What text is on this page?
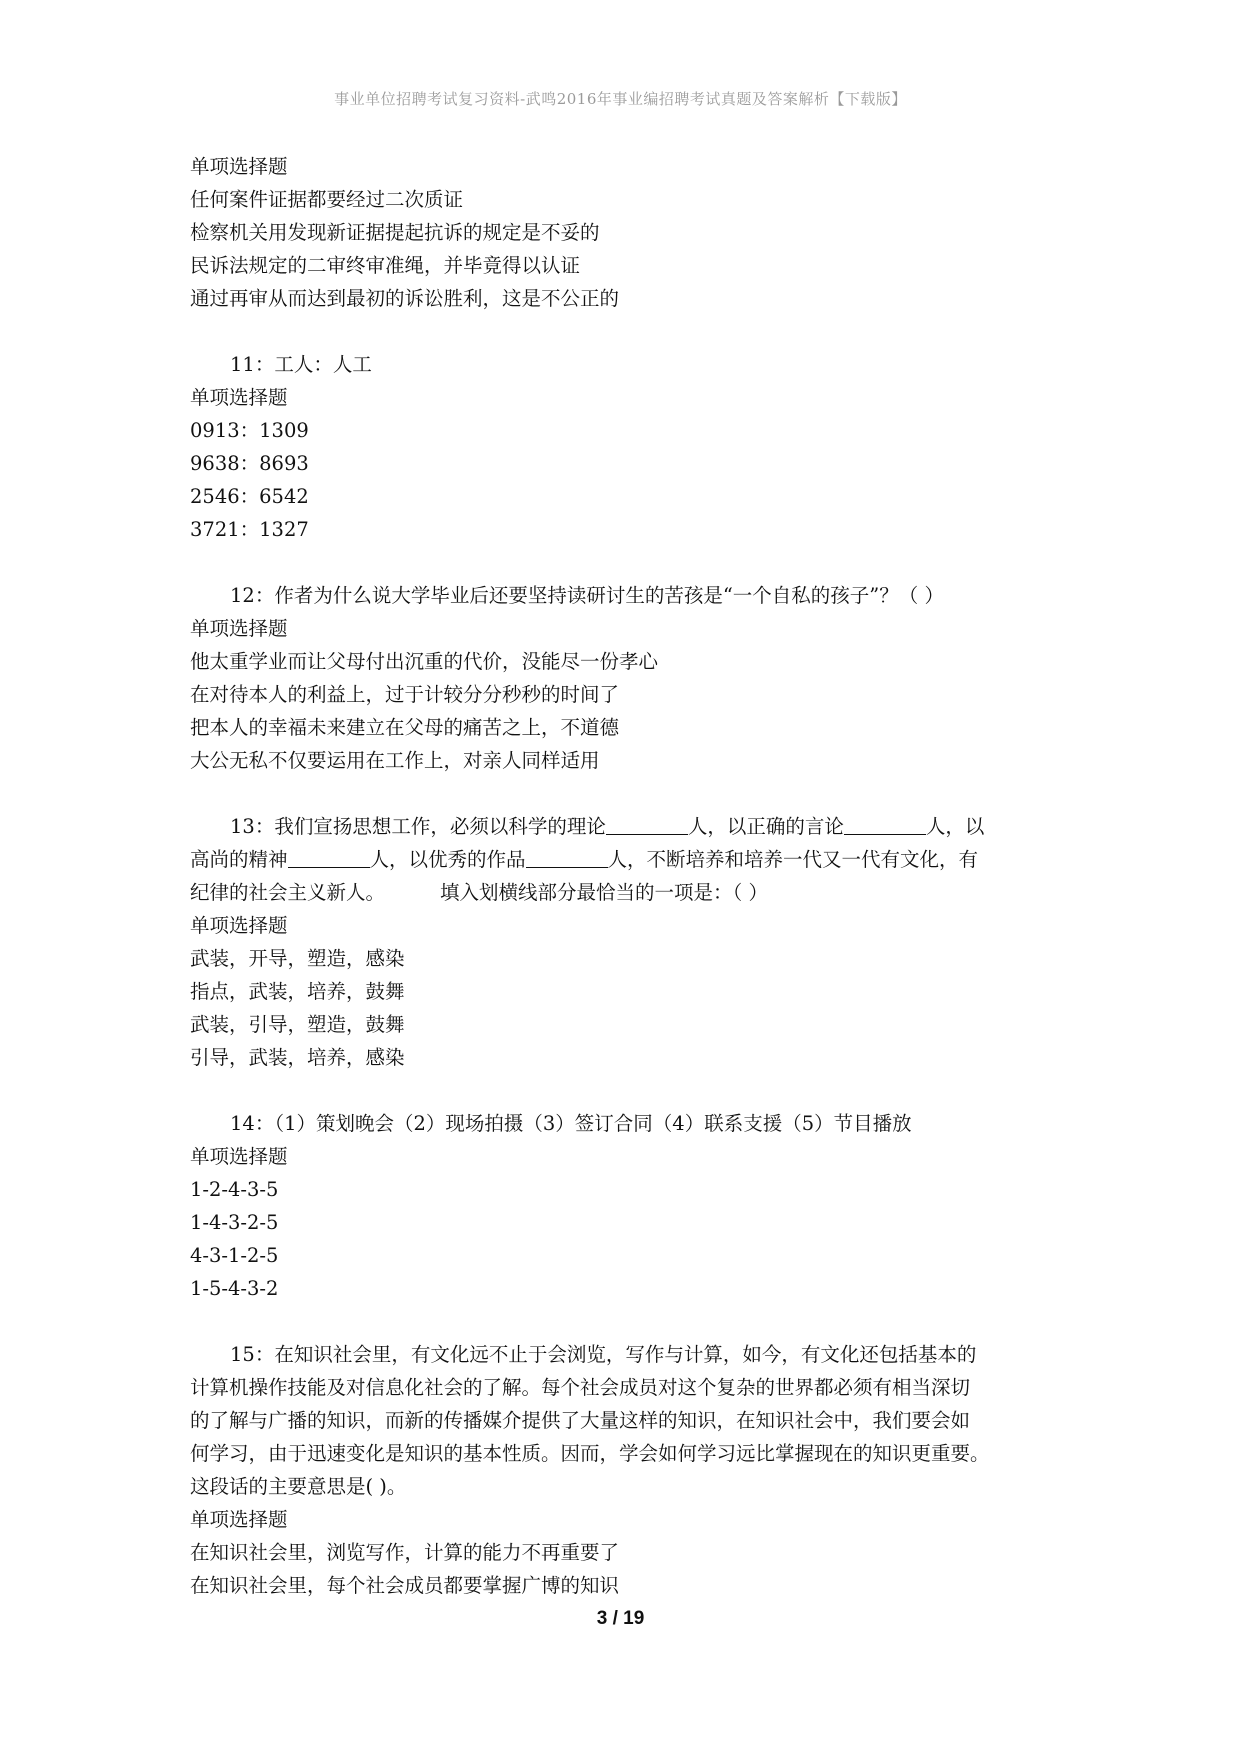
事业单位招聘考试复习资料-武鸣2016年事业编招聘考试真题及答案解析【下载版】
单项选择题
任何案件证据都要经过二次质证
检察机关用发现新证据提起抗诉的规定是不妥的
民诉法规定的二审终审准绳，并毕竟得以认证
通过再审从而达到最初的诉讼胜利，这是不公正的
11：工人：人工
单项选择题
0913：1309
9638：8693
2546：6542
3721：1327
12：作者为什么说大学毕业后还要坚持读研讨生的苦孩是“一个自私的孩子”？（ ）
单项选择题
他太重学业而让父母付出沉重的代价，没能尽一份孝心
在对待本人的利益上，过于计较分分秒秒的时间了
把本人的幸福未来建立在父母的痛苦之上，不道德
大公无私不仅要运用在工作上，对亲人同样适用
13：我们宣扬思想工作，必须以科学的理论	人，以正确的言论	人，以
高尚的精神	人，以优秀的作品	人，不断培养和培养一代又一代有文化，有
纪律的社会主义新人。	填入划横线部分最恰当的一项是：（ ）
单项选择题
武装，开导，塑造，感染
指点，武装，培养，鼓舞
武装，引导，塑造，鼓舞
引导，武装，培养，感染
14：（1）策划晚会（2）现场拍摄（3）签订合同（4）联系支援（5）节目播放
单项选择题
1-2-4-3-5
1-4-3-2-5
4-3-1-2-5
1-5-4-3-2
15：在知识社会里，有文化远不止于会浏览，写作与计算，如今，有文化还包括基本的
计算机操作技能及对信息化社会的了解。每个社会成员对这个复杂的世界都必须有相当深切
的了解与广播的知识，而新的传播媒介提供了大量这样的知识，在知识社会中，我们要会如
何学习，由于迅速变化是知识的基本性质。因而，学会如何学习远比掌握现在的知识更重要。
这段话的主要意思是( )。
单项选择题
在知识社会里，浏览写作，计算的能力不再重要了
在知识社会里，每个社会成员都要掌握广博的知识
3 / 19
